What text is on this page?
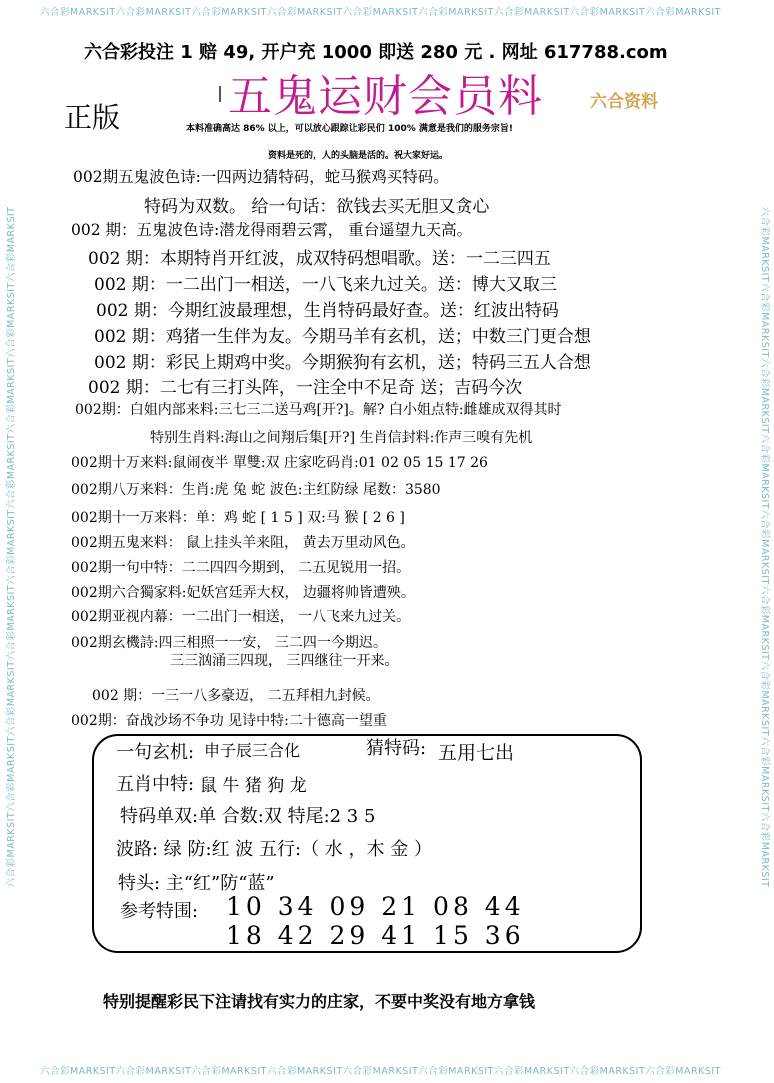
六合彩MARKSIT六合彩MARKSIT六合彩MARKSIT六合彩MARKSIT六合彩MARKSIT六合彩MARKSIT六合彩MARKSIT六合彩MARKSIT六合彩MARKSIT
六合彩MARKSIT六合彩MARKSIT六合彩MARKSIT六合彩MARKSIT六合彩MARKSIT六合彩MARKSIT六合彩MARKSIT六合彩MARKSIT六合彩MARKSIT
六合彩MARKSIT六合彩MARKSIT六合彩MARKSIT六合彩MARKSIT六合彩MARKSIT六合彩MARKSIT六合彩MARKSIT六合彩MARKSIT六合彩MARKSIT	六合彩MARKSIT六合彩MARKSIT六合彩MARKSIT六合彩MARKSIT六合彩MARKSIT六合彩MARKSIT六合彩MARKSIT六合彩MARKSIT六合彩MARKSIT
六合彩投注 1 赔 49, 开户充 1000 即送 280 元 . 网址 617788.com
五鬼运财会员料	六合资料
正版	本料准确高达 86% 以上，可以放心跟踪让彩民们 100% 满意是我们的服务宗旨!
资料是死的，人的头脑是活的。祝大家好运。
002期五鬼波色诗:一四两边猜特码，蛇马猴鸡买特码。
特码为双数。 给一句话：欲钱去买无胆又贪心
002 期：五鬼波色诗:潜龙得雨碧云霄， 重台遥望九天高。
002 期：本期特肖开红波，成双特码想唱歌。送：一二三四五
002 期：一二出门一相送，一八飞来九过关。送：博大又取三
002 期：今期红波最理想，生肖特码最好查。送：红波出特码
002 期：鸡猪一生伴为友。今期马羊有玄机，送；中数三门更合想
002 期：彩民上期鸡中奖。今期猴狗有玄机，送；特码三五人合想
002 期：二七有三打头阵，一注全中不足奇 送；吉码今次
002期：白姐内部来料:三七三二送马鸡[开?]。解? 白小姐点特:雌雄成双得其时
特别生肖料:海山之间翔后集[开?] 生肖信封料:作声三嗅有先机
002期十万来料:鼠闹夜半 單雙:双 庄家吃码肖:01 02 05 15 17 26
002期八万来料：生肖:虎 兔 蛇 波色:主红防绿 尾数：3580
002期十一万来料：单：鸡 蛇 [ 1 5 ] 双:马 猴 [ 2 6 ]
002期五鬼来料： 鼠上挂头羊来阻， 黄去万里动风色。
002期一句中特：二二四四今期到， 二五见锐用一招。
002期六合獨家料:妃妖宫廷弄大权， 边疆将帅皆遭殃。
002期亚视内幕：一二出门一相送， 一八飞来九过关。
002期玄機詩:四三相照一一安， 三二四一今期迟。
三三汹涌三四现， 三四继往一开来。
002 期：一三一八多豪迈， 二五拜相九封候。
002期：奋战沙场不争功 见诗中特:二十德高一望重
一句玄机: 申子辰三合化	猜特码: 五用七出
五肖中特: 鼠 牛 猪 狗 龙
特码单双:单 合数:双 特尾:2 3 5
波路: 绿 防:红 波 五行:（ 水 ，木 金 ）
特头: 主“红”防“蓝”
参考特围: 10 34 09 21 08 44
18 42 29 41 15 36
特别提醒彩民下注请找有实力的庄家，不要中奖没有地方拿钱
